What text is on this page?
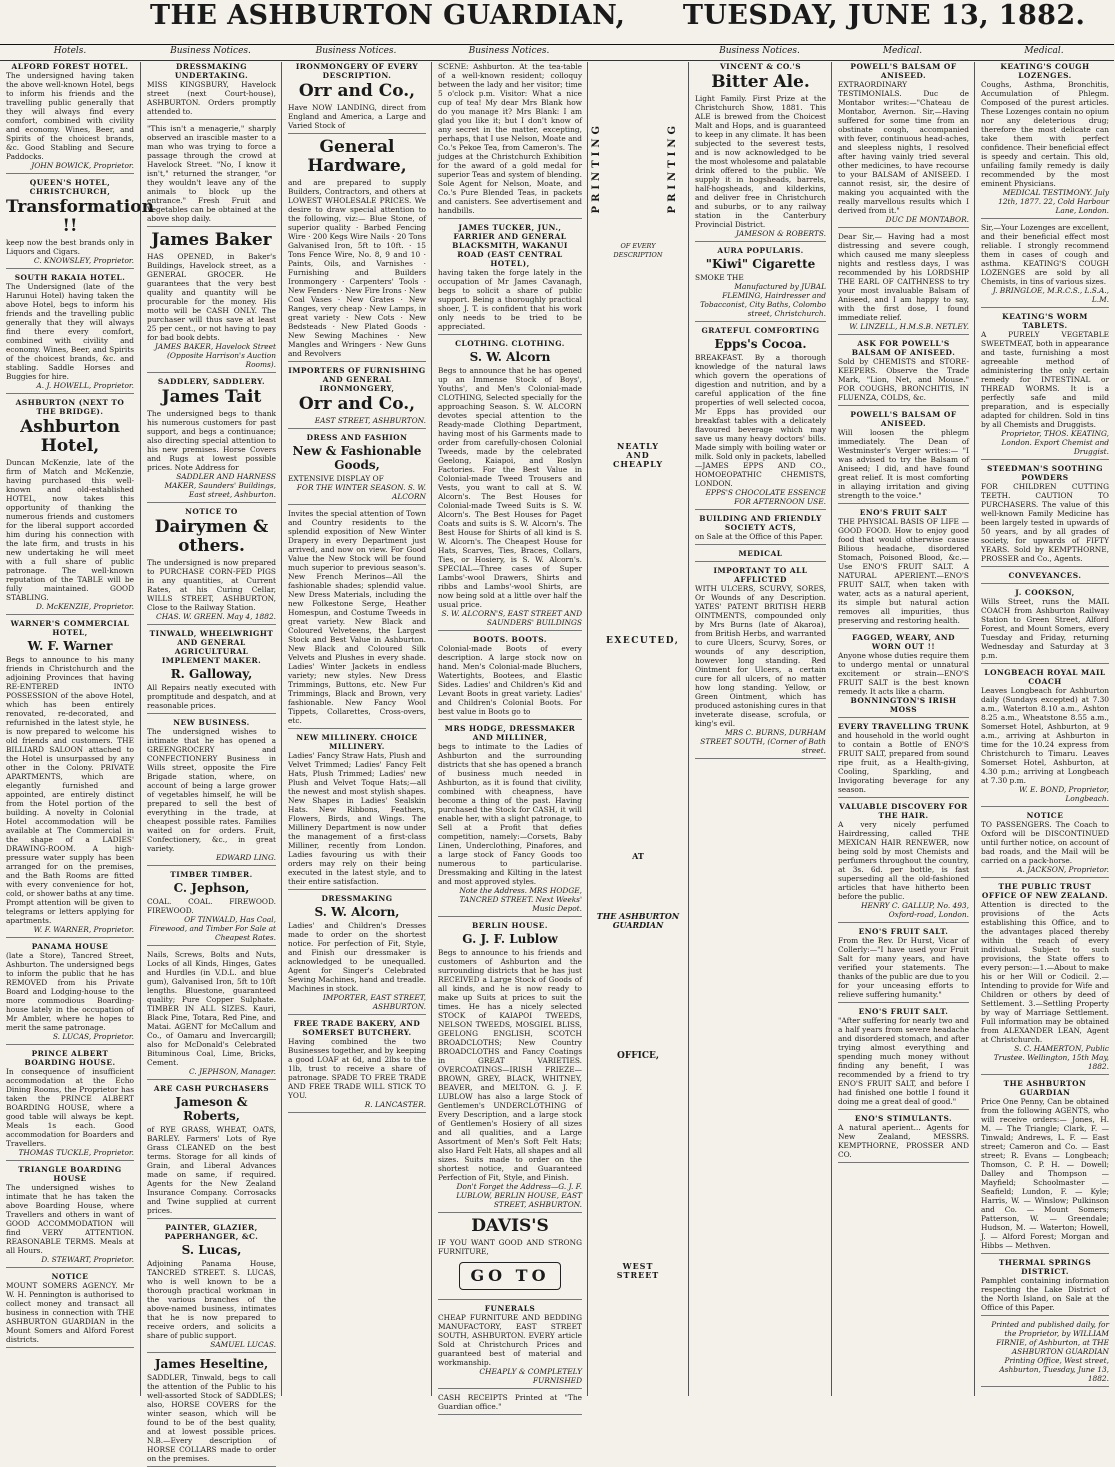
THE ASHBURTON GUARDIAN, TUESDAY, JUNE 13, 1882.
Hotels.	Business Notices.	Business Notices.	Business Notices.	Business Notices.	Medical.	Medical.
ALFORD FOREST HOTEL.
The undersigned having taken the above well-known Hotel, begs to inform his friends and the travelling public generally that they will always find every comfort, combined with civility and economy. Wines, Beer, and Spirits of the choicest brands, &c. Good Stabling and Secure Paddocks.
JOHN BOWICK, Proprietor.
QUEEN'S HOTEL, CHRISTCHURCH,
Transformation !!
keep now the best brands only in Liquors and Cigars.
C. KNOWSLEY, Proprietor.
SOUTH RAKAIA HOTEL.
The Undersigned (late of the Harunui Hotel) having taken the above Hotel, begs to inform his friends and the travelling public generally that they will always find there every comfort, combined with civility and economy. Wines, Beer, and Spirits of the choicest brands, &c. and stabling. Saddle Horses and Buggies for hire.
A. J. HOWELL, Proprietor.
ASHBURTON (NEXT TO THE BRIDGE).
Ashburton Hotel,
Duncan McKenzie, late of the firm of Match and McKenzie, having purchased this well-known and old-established HOTEL, now takes this opportunity of thanking the numerous friends and customers for the liberal support accorded him during his connection with the late firm, and trusts in his new undertaking he will meet with a full share of public patronage. The well-known reputation of the TABLE will be fully maintained. GOOD STABLING.
D. McKENZIE, Proprietor.
WARNER'S COMMERCIAL HOTEL,
W. F. Warner
Begs to announce to his many friends in Christchurch and the adjoining Provinces that having RE-ENTERED INTO POSSESSION of the above Hotel, which has been entirely renovated, re-decorated, and refurnished in the latest style, he is now prepared to welcome his old friends and customers. THE BILLIARD SALOON attached to the Hotel is unsurpassed by any other in the Colony. PRIVATE APARTMENTS, which are elegantly furnished and appointed, are entirely distinct from the Hotel portion of the building. A novelty in Colonial Hotel accommodation will be available at The Commercial in the shape of a LADIES' DRAWING-ROOM. A high-pressure water supply has been arranged for on the premises, and the Bath Rooms are fitted with every convenience for hot, cold, or shower baths at any time. Prompt attention will be given to telegrams or letters applying for apartments.
W. F. WARNER, Proprietor.
PANAMA HOUSE
(late a Store), Tancred Street, Ashburton. The undersigned begs to inform the public that he has REMOVED from his Private Board and Lodging-house to the more commodious Boarding-house lately in the occupation of Mr Ambler, where he hopes to merit the same patronage.
S. LUCAS, Proprietor.
PRINCE ALBERT BOARDING HOUSE.
In consequence of insufficient accommodation at the Echo Dining Rooms, the Proprietor has taken the PRINCE ALBERT BOARDING HOUSE, where a good table will always be kept. Meals 1s each. Good accommodation for Boarders and Travellers.
THOMAS TUCKLE, Proprietor.
TRIANGLE BOARDING HOUSE
The undersigned wishes to intimate that he has taken the above Boarding House, where Travellers and others in want of GOOD ACCOMMODATION will find VERY ATTENTION. REASONABLE TERMS. Meals at all Hours.
D. STEWART, Proprietor.
NOTICE
MOUNT SOMERS AGENCY. Mr W. H. Pennington is authorised to collect money and transact all business in connection with THE ASHBURTON GUARDIAN in the Mount Somers and Alford Forest districts.
DRESSMAKING UNDERTAKING.
MISS KINGSBURY, Havelock street (next Court-house), ASHBURTON. Orders promptly attended to.
"This isn't a menagerie," sharply observed an irascible master to a man who was trying to force a passage through the crowd at Havelock Street. "No, I know it isn't," returned the stranger, "or they wouldn't leave any of the animals to block up the entrance." Fresh Fruit and Vegetables can be obtained at the above shop daily.
James Baker
HAS OPENED, in Baker's Buildings, Havelock street, as a GENERAL GROCER. He guarantees that the very best quality and quantity will be procurable for the money. His motto will be CASH ONLY. The purchaser will thus save at least 25 per cent., or not having to pay for bad book debts.
JAMES BAKER, Havelock Street (Opposite Harrison's Auction Rooms).
SADDLERY, SADDLERY.
James Tait
The undersigned begs to thank his numerous customers for past support, and begs a continuance; also directing special attention to his new premises. Horse Covers and Rugs at lowest possible prices. Note Address for
SADDLER AND HARNESS MAKER, Saunders' Buildings, East street, Ashburton.
NOTICE TO
Dairymen & others.
The undersigned is now prepared to PURCHASE CORN-FED PIGS in any quantities, at Current Rates, at his Curing Cellar, WILLS STREET, ASHBURTON, Close to the Railway Station.
CHAS. W. GREEN. May 4, 1882.
TINWALD, WHEELWRIGHT AND GENERAL AGRICULTURAL IMPLEMENT MAKER.
R. Galloway,
All Repairs neatly executed with promptitude and despatch, and at reasonable prices.
NEW BUSINESS.
The undersigned wishes to intimate that he has opened a GREENGROCERY and CONFECTIONERY Business in Wills street, opposite the Fire Brigade station, where, on account of being a large grower of vegetables himself, he will be prepared to sell the best of everything in the trade, at cheapest possible rates. Families waited on for orders. Fruit, Confectionery, &c., in great variety.
EDWARD LING.
TIMBER TIMBER.
C. Jephson,
COAL. COAL. FIREWOOD. FIREWOOD.
OF TINWALD, Has Coal, Firewood, and Timber For Sale at Cheapest Rates.
Nails, Screws, Bolts and Nuts, Locks of all Kinds, Hinges, Gates and Hurdles (in V.D.L. and blue gum), Galvanised Iron, 5ft to 10ft lengths. Bluestone, guaranteed quality; Pure Copper Sulphate. TIMBER IN ALL SIZES. Kauri, Black Pine, Totara, Red Pine, and Matai. AGENT for McCallum and Co., of Oamaru and Invercargill; also for McDonald's Celebrated Bituminous Coal, Lime, Bricks, Cement.
C. JEPHSON, Manager.
ARE CASH PURCHASERS
Jameson & Roberts,
of RYE GRASS, WHEAT, OATS, BARLEY. Farmers' Lots of Rye Grass CLEANED on the best terms. Storage for all kinds of Grain, and Liberal Advances made on same, if required. Agents for the New Zealand Insurance Company. Corrosacks and Twine supplied at current prices.
PAINTER, GLAZIER, PAPERHANGER, &C.
S. Lucas,
Adjoining Panama House, TANCRED STREET. S. LUCAS, who is well known to be a thorough practical workman in the various branches of the above-named business, intimates that he is now prepared to receive orders, and solicits a share of public support.
SAMUEL LUCAS.
James Heseltine,
SADDLER, Tinwald, begs to call the attention of the Public to his well-assorted Stock of SADDLES; also, HORSE COVERS for the winter season, which will be found to be of the best quality, and at lowest possible prices. N.B.—Every description of HORSE COLLARS made to order on the premises.
IRONMONGERY OF EVERY DESCRIPTION.
Orr and Co.,
Have NOW LANDING, direct from England and America, a Large and Varied Stock of
General Hardware,
and are prepared to supply Builders, Contractors, and others at LOWEST WHOLESALE PRICES. We desire to draw special attention to the following, viz:— Blue Stone, of superior quality · Barbed Fencing Wire · 200 Kegs Wire Nails · 20 Tons Galvanised Iron, 5ft to 10ft. · 15 Tons Fence Wire, No. 8, 9 and 10 · Paints, Oils, and Varnishes · Furnishing and Builders Ironmongery · Carpenters' Tools · New Fenders · New Fire Irons · New Coal Vases · New Grates · New Ranges, very cheap · New Lamps, in great variety · New Cots · New Bedsteads · New Plated Goods · New Sewing Machines · New Mangles and Wringers · New Guns and Revolvers
IMPORTERS OF FURNISHING AND GENERAL IRONMONGERY,
Orr and Co.,
EAST STREET, ASHBURTON.
DRESS AND FASHION
New & Fashionable Goods,
EXTENSIVE DISPLAY OF
FOR THE WINTER SEASON. S. W. ALCORN
Invites the special attention of Town and Country residents to the splendid exposition of New Winter Drapery in every Department just arrived, and now on view. For Good Value the New Stock will be found much superior to previous season's. New French Merinos—All the fashionable shades; splendid value. New Dress Materials, including the new Folkestone Serge, Heather Homespun, and Costume Tweeds in great variety. New Black and Coloured Velveteens, the Largest Stock and Best Value in Ashburton. New Black and Coloured Silk Velvets and Plushes in every shade. Ladies' Winter Jackets in endless variety; new styles. New Dress Trimmings, Buttons, etc. New Fur Trimmings, Black and Brown, very fashionable. New Fancy Wool Tippets, Collarettes, Cross-overs, etc.
NEW MILLINERY. CHOICE MILLINERY.
Ladies' Fancy Straw Hats, Plush and Velvet Trimmed; Ladies' Fancy Felt Hats, Plush Trimmed; Ladies' new Plush and Velvet Toque Hats;—all the newest and most stylish shapes. New Shapes in Ladies' Sealskin Hats. New Ribbons, Feathers, Flowers, Birds, and Wings. The Millinery Department is now under the management of a first-class Milliner, recently from London. Ladies favouring us with their orders may rely on their being executed in the latest style, and to their entire satisfaction.
DRESSMAKING
S. W. Alcorn,
Ladies' and Children's Dresses made to order on the shortest notice. For perfection of Fit, Style, and Finish our dressmaker is acknowledged to be unequalled. Agent for Singer's Celebrated Sewing Machines, hand and treadle. Machines in stock.
IMPORTER, EAST STREET, ASHBURTON.
FREE TRADE BAKERY, AND SOMERSET BUTCHERY.
Having combined the two Businesses together, and by keeping a good LOAF at 6d, and 2lbs to the 1lb, trust to receive a share of patronage. SPADE TO FREE TRADE AND FREE TRADE WILL STICK TO YOU.
R. LANCASTER.
SCENE: Ashburton. At the tea-table of a well-known resident; colloquy between the lady and her visitor; time 5 o'clock p.m. Visitor: What a nice cup of tea! My dear Mrs Blank how do you manage it? Mrs Blank: I am glad you like it; but I don't know of any secret in the matter, excepting, perhaps, that I use Nelson, Moate and Co.'s Pekoe Tea, from Cameron's. The judges at the Christchurch Exhibition for the award of a gold medal for superior Teas and system of blending. Sole Agent for Nelson, Moate, and Co.'s Pure Blended Teas, in packets and canisters. See advertisement and handbills.
JAMES TUCKER, JUN., FARRIER AND GENERAL BLACKSMITH, WAKANUI ROAD (EAST CENTRAL HOTEL),
having taken the forge lately in the occupation of Mr James Cavanagh, begs to solicit a share of public support. Being a thoroughly practical shoer, J. T. is confident that his work only needs to be tried to be appreciated.
CLOTHING. CLOTHING.
S. W. Alcorn
Begs to announce that he has opened up an Immense Stock of Boys', Youths', and Men's Colonial-made CLOTHING, Selected specially for the approaching Season. S. W. ALCORN devotes special attention to the Ready-made Clothing Department, having most of his Garments made to order from carefully-chosen Colonial Tweeds, made by the celebrated Geelong, Kaiapoi, and Roslyn Factories. For the Best Value in Colonial-made Tweed Trousers and Vests, you want to call at S. W. Alcorn's. The Best Houses for Colonial-made Tweed Suits is S. W. Alcorn's. The Best Houses for Paget Coats and suits is S. W. Alcorn's. The Best House for Shirts of all kind is S. W. Alcorn's. The Cheapest House for Hats, Scarves, Ties, Braces, Collars, Ties, or Hosiery, is S. W. Alcorn's. SPECIAL—Three cases of Super Lambs'-wool Drawers, Shirts and ribbs and Lambs'-wool Shirts, are now being sold at a little over half the usual price.
S. W. ALCORN'S, EAST STREET AND SAUNDERS' BUILDINGS
BOOTS. BOOTS.
Colonial-made Boots of every description. A large stock now on hand. Men's Colonial-made Bluchers, Watertights, Bootees, and Elastic Sides. Ladies' and Children's Kid and Levant Boots in great variety. Ladies' and Children's Colonial Boots. For best value in Boots go to
MRS HODGE, DRESSMAKER AND MILLINER,
begs to intimate to the Ladies of Ashburton and the surrounding districts that she has opened a branch of business much needed in Ashburton, as it is found that civility, combined with cheapness, have become a thing of the past. Having purchased the Stock for CASH, it will enable her, with a slight patronage, to Sell at a Profit that defies competition, namely:—Corsets, Baby Linen, Underclothing, Pinafores, and a large stock of Fancy Goods too numerous to particularise. Dressmaking and Kilting in the latest and most approved styles.
Note the Address. MRS HODGE, TANCRED STREET. Next Weeks' Music Depot.
BERLIN HOUSE.
G. J. F. Lublow
Begs to announce to his friends and customers of Ashburton and the surrounding districts that he has just RECEIVED a Large Stock of Goods of all kinds, and he is now ready to make up Suits at prices to suit the times. He has a nicely selected STOCK of KAIAPOI TWEEDS, NELSON TWEEDS, MOSGIEL BLISS, GEELONG ENGLISH, SCOTCH BROADCLOTHS; New Country BROADCLOTHS and Fancy Coatings in GREAT VARIETIES. OVERCOATINGS—IRISH FRIEZE—BROWN, GREY, BLACK, WHITNEY, BEAVER, and MELTON. G. J. F. LUBLOW has also a large Stock of Gentlemen's UNDERCLOTHING of Every Description, and a large stock of Gentlemen's Hosiery of all sizes and all qualities, and a Large Assortment of Men's Soft Felt Hats; also Hard Felt Hats, all shapes and all sizes. Suits made to order on the shortest notice, and Guaranteed Perfection of Fit, Style, and Finish.
Don't Forget the Address—G. J. F. LUBLOW, BERLIN HOUSE, EAST STREET, ASHBURTON.
DAVIS'S
IF YOU WANT GOOD AND STRONG FURNITURE,
GO TO
FUNERALS
CHEAP FURNITURE AND BEDDING MANUFACTORY, EAST STREET SOUTH, ASHBURTON. EVERY article Sold at Christchurch Prices and guaranteed best of material and workmanship.
CHEAPLY & COMPLETELY FURNISHED
CASH RECEIPTS Printed at "The Guardian office."
PRINTING	PRINTING
OF EVERY DESCRIPTION
NEATLY AND CHEAPLY
EXECUTED,
AT
THE ASHBURTON GUARDIAN
OFFICE,
WEST STREET
VINCENT & CO.'S
Bitter Ale.
Light Family. First Prize at the Christchurch Show, 1881. This ALE is brewed from the Choicest Malt and Hops, and is guaranteed to keep in any climate. It has been subjected to the severest tests, and is now acknowledged to be the most wholesome and palatable drink offered to the public. We supply it in hogsheads, barrels, half-hogsheads, and kilderkins, and deliver free in Christchurch and suburbs, or to any railway station in the Canterbury Provincial District.
JAMESON & ROBERTS.
AURA POPULARIS.
"Kiwi" Cigarette
SMOKE THE
Manufactured by JUBAL FLEMING, Hairdresser and Tobacconist, City Baths, Colombo street, Christchurch.
GRATEFUL COMFORTING
Epps's Cocoa.
BREAKFAST. By a thorough knowledge of the natural laws which govern the operations of digestion and nutrition, and by a careful application of the fine properties of well selected cocoa, Mr Epps has provided our breakfast tables with a delicately flavoured beverage which may save us many heavy doctors' bills. Made simply with boiling water or milk. Sold only in packets, labelled—JAMES EPPS AND CO., HOMOEOPATHIC CHEMISTS, LONDON.
EPPS'S CHOCOLATE ESSENCE FOR AFTERNOON USE.
BUILDING AND FRIENDLY SOCIETY ACTS,
on Sale at the Office of this Paper.
MEDICAL
IMPORTANT TO ALL AFFLICTED
WITH ULCERS, SCURVY, SORES, Or Wounds of any Description. YATES' PATENT BRITISH HERB OINTMENTS, compounded only by Mrs Burns (late of Akaroa), from British Herbs, and warranted to cure Ulcers, Scurvy, Sores, or wounds of any description, however long standing. Red Ointment for Ulcers, a certain cure for all ulcers, of no matter how long standing. Yellow, or Green Ointment, which has produced astonishing cures in that inveterate disease, scrofula, or king's evil.
MRS C. BURNS, DURHAM STREET SOUTH, (Corner of Bath street.
POWELL'S BALSAM OF ANISEED.
EXTRAORDINARY TESTIMONIALS. Duc de Montabor writes:—"Chateau de Montabor, Avernon. Sir,—Having suffered for some time from an obstinate cough, accompanied with fever, continuous head-aches, and sleepless nights, I resolved after having vainly tried several other medicines, to have recourse to your BALSAM of ANISEED. I cannot resist, sir, the desire of making you acquainted with the really marvellous results which I derived from it."
DUC DE MONTABOR.
Dear Sir,— Having had a most distressing and severe cough, which caused me many sleepless nights and restless days, I was recommended by his LORDSHIP THE EARL OF CAITHNESS to try your most invaluable Balsam of Aniseed, and I am happy to say, with the first dose, I found immediate relief.
W. LINZELL, H.M.S.B. NETLEY.
ASK FOR POWELL'S BALSAM OF ANISEED.
Sold by CHEMISTS and STORE-KEEPERS. Observe the Trade Mark, "Lion, Net, and Mouse." FOR COUGHS, BRONCHITIS, IN FLUENZA, COLDS, &c.
POWELL'S BALSAM OF ANISEED.
Will loosen the phlegm immediately. The Dean of Westminster's Verger writes:— "I was advised to try the Balsam of Aniseed; I did, and have found great relief. It is most comforting in allaying irritation and giving strength to the voice."
ENO'S FRUIT SALT
THE PHYSICAL BASIS OF LIFE — GOOD FOOD. How to enjoy good food that would otherwise cause Bilious headache, disordered Stomach, Poisoned Blood, &c.—Use ENO'S FRUIT SALT. A NATURAL APERIENT.—ENO'S FRUIT SALT, when taken with water, acts as a natural aperient, its simple but natural action removes all impurities, thus preserving and restoring health.
FAGGED, WEARY, AND WORN OUT !!
Anyone whose duties require them to undergo mental or unnatural excitement or strain—ENO'S FRUIT SALT is the best known remedy. It acts like a charm.
BONNINGTON'S IRISH MOSS
EVERY TRAVELLING TRUNK
and household in the world ought to contain a Bottle of ENO'S FRUIT SALT, prepared from sound ripe fruit, as a Health-giving, Cooling, Sparkling, and Invigorating beverage for any season.
VALUABLE DISCOVERY FOR THE HAIR.
A very nicely perfumed Hairdressing, called THE MEXICAN HAIR RENEWER, now being sold by most Chemists and perfumers throughout the country, at 3s. 6d. per bottle, is fast superseding all the old-fashioned articles that have hitherto been before the public.
HENRY C. GALLUP, No. 493, Oxford-road, London.
ENO'S FRUIT SALT.
From the Rev. Dr Hurst, Vicar of Collerly:—"I have used your Fruit Salt for many years, and have verified your statements. The thanks of the public are due to you for your unceasing efforts to relieve suffering humanity."
ENO'S FRUIT SALT.
"After suffering for nearly two and a half years from severe headache and disordered stomach, and after trying almost everything and spending much money without finding any benefit, I was recommended by a friend to try ENO'S FRUIT SALT, and before I had finished one bottle I found it doing me a great deal of good."
ENO'S STIMULANTS.
A natural aperient... Agents for New Zealand, MESSRS. KEMPTHORNE, PROSSER AND CO.
KEATING'S COUGH LOZENGES.
Coughs, Asthma, Bronchitis, Accumulation of Phlegm. Composed of the purest articles. These Lozenges contain no opium nor any deleterious drug; therefore the most delicate can take them with perfect confidence. Their beneficial effect is speedy and certain. This old, unfailing family remedy is daily recommended by the most eminent Physicians.
MEDICAL TESTIMONY. July 12th, 1877. 22, Cold Harbour Lane, London.
Sir,—Your Lozenges are excellent, and their beneficial effect most reliable. I strongly recommend them in cases of cough and asthma. KEATING'S COUGH LOZENGES are sold by all Chemists, in tins of various sizes.
J. BRINGLOE, M.R.C.S., L.S.A., L.M.
KEATING'S WORM TABLETS.
A PURELY VEGETABLE SWEETMEAT, both in appearance and taste, furnishing a most agreeable method of administering the only certain remedy for INTESTINAL or THREAD WORMS. It is a perfectly safe and mild preparation, and is especially adapted for children. Sold in tins by all Chemists and Druggists.
Proprietor, THOS. KEATING, London. Export Chemist and Druggist.
STEEDMAN'S SOOTHING POWDERS
FOR CHILDREN CUTTING TEETH. CAUTION TO PURCHASERS. The value of this well-known Family Medicine has been largely tested in upwards of 50 years, and by all grades of society, for upwards of FIFTY YEARS. Sold by KEMPTHORNE, PROSSER and Co., Agents.
CONVEYANCES.
J. COOKSON,
Wills Street, runs the MAIL COACH from Ashburton Railway Station to Green Street, Alford Forest, and Mount Somers, every Tuesday and Friday, returning Wednesday and Saturday at 3 p.m.
LONGBEACH ROYAL MAIL COACH
Leaves Longbeach for Ashburton daily (Sundays excepted) at 7.30 a.m., Waterton 8.10 a.m., Ashton 8.25 a.m., Wheatstone 8.55 a.m., Somerset Hotel, Ashburton, at 9 a.m., arriving at Ashburton in time for the 10.24 express from Christchurch to Timaru. Leaves Somerset Hotel, Ashburton, at 4.30 p.m.; arriving at Longbeach at 7.30 p.m.
W. E. BOND, Proprietor, Longbeach.
NOTICE
TO PASSENGERS. The Coach to Oxford will be DISCONTINUED until further notice, on account of bad roads, and the Mail will be carried on a pack-horse.
A. JACKSON, Proprietor.
THE PUBLIC TRUST OFFICE OF NEW ZEALAND.
Attention is directed to the provisions of the Acts establishing this Office, and to the advantages placed thereby within the reach of every individual. Subject to such provisions, the State offers to every person:—1.—About to make his or her Will or Codicil. 2.—Intending to provide for Wife and Children or others by deed of Settlement. 3.—Settling Property by way of Marriage Settlement. Full information may be obtained from ALEXANDER LEAN, Agent at Christchurch.
S. C. HAMERTON, Public Trustee. Wellington, 15th May, 1882.
THE ASHBURTON GUARDIAN
Price One Penny, Can be obtained from the following AGENTS, who will receive orders:— Jones, H. M. — The Triangle; Clark, F. — Tinwald; Andrews, L. F. — East street; Cameron and Co. — East street; R. Evans — Longbeach; Thomson, C. P. H. — Dowell; Dalley and Thompson — Mayfield; Schoolmaster — Seafield; Lundon, F. — Kyle; Harris, W. — Winslow; Pulkinson and Co. — Mount Somers; Patterson, W. — Greendale; Hudson, M. — Waterton; Howell, J. — Alford Forest; Morgan and Hibbs — Methven.
THERMAL SPRINGS DISTRICT.
Pamphlet containing information respecting the Lake District of the North Island, on Sale at the Office of this Paper.
Printed and published daily, for the Proprietor, by WILLIAM FIRNIE, of Ashburton, at THE ASHBURTON GUARDIAN Printing Office, West street, Ashburton, Tuesday, June 13, 1882.
